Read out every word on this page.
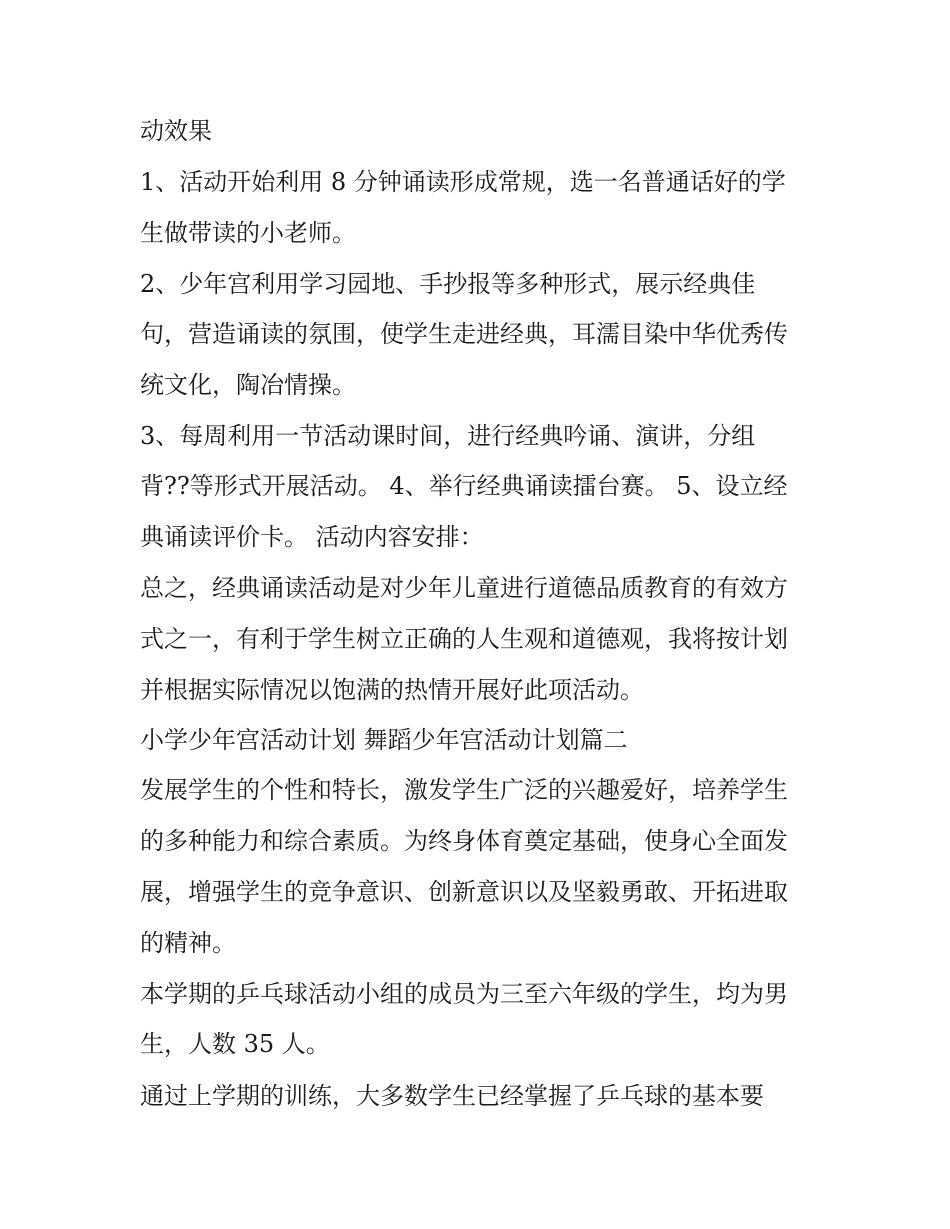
动效果

1、活动开始利用 8 分钟诵读形成常规，选一名普通话好的学

生做带读的小老师。

2、少年宫利用学习园地、手抄报等多种形式，展示经典佳

句，营造诵读的氛围，使学生走进经典，耳濡目染中华优秀传

统文化，陶冶情操。

3、每周利用一节活动课时间，进行经典吟诵、演讲，分组

背??等形式开展活动。 4、举行经典诵读擂台赛。 5、设立经

典诵读评价卡。 活动内容安排：

总之，经典诵读活动是对少年儿童进行道德品质教育的有效方

式之一，有利于学生树立正确的人生观和道德观，我将按计划

并根据实际情况以饱满的热情开展好此项活动。

小学少年宫活动计划 舞蹈少年宫活动计划篇二

发展学生的个性和特长，激发学生广泛的兴趣爱好，培养学生

的多种能力和综合素质。为终身体育奠定基础，使身心全面发

展，增强学生的竞争意识、创新意识以及坚毅勇敢、开拓进取

的精神。

本学期的乒乓球活动小组的成员为三至六年级的学生，均为男

生，人数 35 人。

通过上学期的训练，大多数学生已经掌握了乒乓球的基本要
